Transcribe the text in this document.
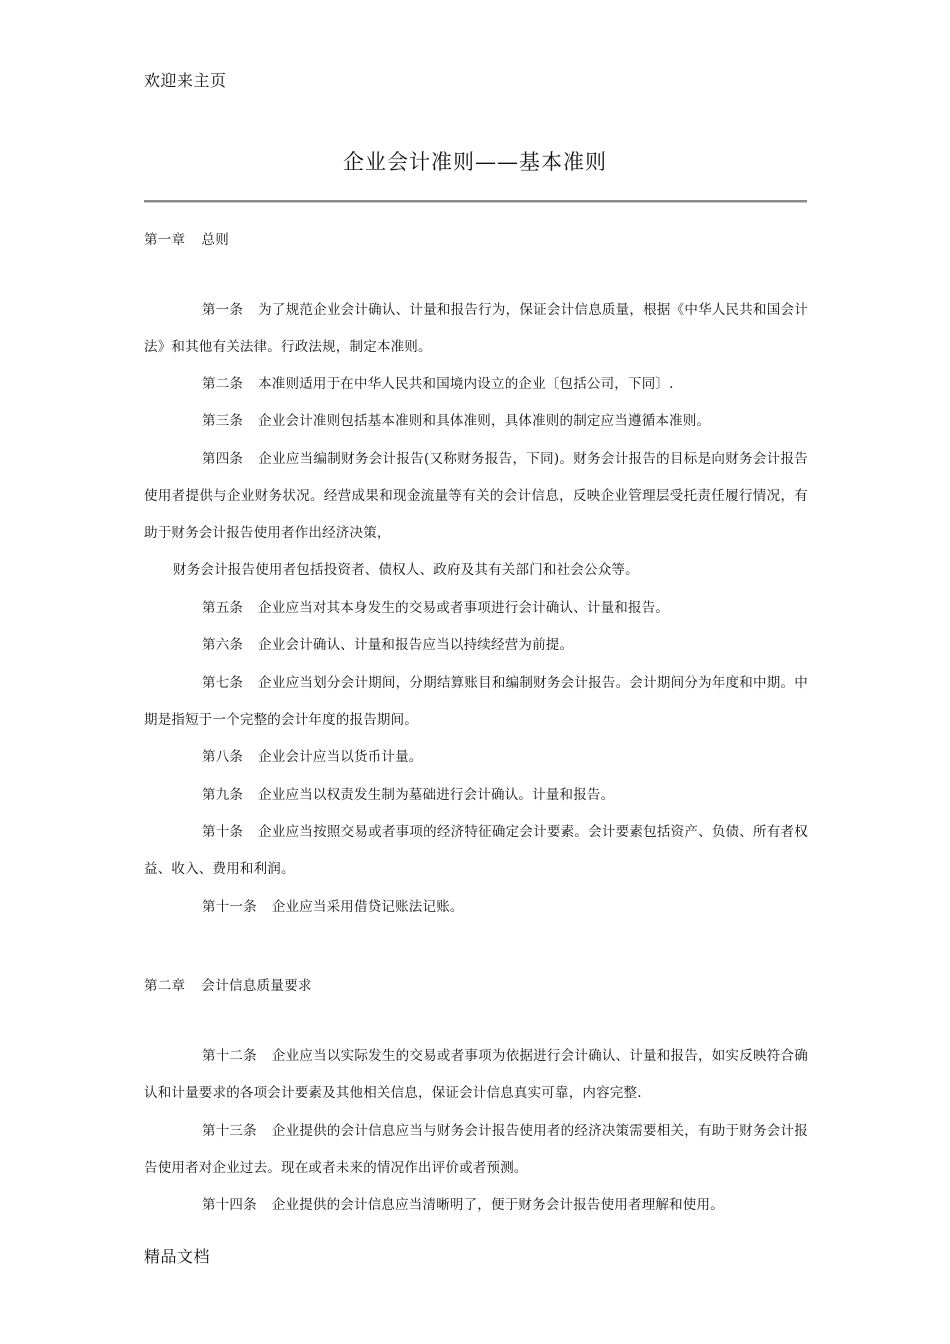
欢迎来主页
企业会计准则——基本准则
第一章 总则
第一条 为了规范企业会计确认、计量和报告行为，保证会计信息质量，根据《中华人民共和国会计法》和其他有关法律。行政法规，制定本准则。
第二条 本准则适用于在中华人民共和国境内设立的企业〔包括公司，下同〕.
第三条 企业会计准则包括基本准则和具体准则，具体准则的制定应当遵循本准则。
第四条 企业应当编制财务会计报告(又称财务报告，下同)。财务会计报告的目标是向财务会计报告使用者提供与企业财务状况。经营成果和现金流量等有关的会计信息，反映企业管理层受托责任履行情况，有助于财务会计报告使用者作出经济决策，
财务会计报告使用者包括投资者、债权人、政府及其有关部门和社会公众等。
第五条 企业应当对其本身发生的交易或者事项进行会计确认、计量和报告。
第六条 企业会计确认、计量和报告应当以持续经营为前提。
第七条 企业应当划分会计期间，分期结算账目和编制财务会计报告。会计期间分为年度和中期。中期是指短于一个完整的会计年度的报告期间。
第八条 企业会计应当以货币计量。
第九条 企业应当以权责发生制为墓础进行会计确认。计量和报告。
第十条 企业应当按照交易或者事项的经济特征确定会计要素。会计要素包括资产、负债、所有者权益、收入、费用和利润。
第十一条 企业应当采用借贷记账法记账。
第二章 会计信息质量要求
第十二条 企业应当以实际发生的交易或者事项为依据进行会计确认、计量和报告，如实反映符合确认和计量要求的各项会计要素及其他相关信息，保证会计信息真实可靠，内容完整.
第十三条 企业提供的会计信息应当与财务会计报告使用者的经济决策需要相关，有助于财务会计报告使用者对企业过去。现在或者未来的情况作出评价或者预测。
第十四条 企业提供的会计信息应当清晰明了，便于财务会计报告使用者理解和使用。
精品文档
